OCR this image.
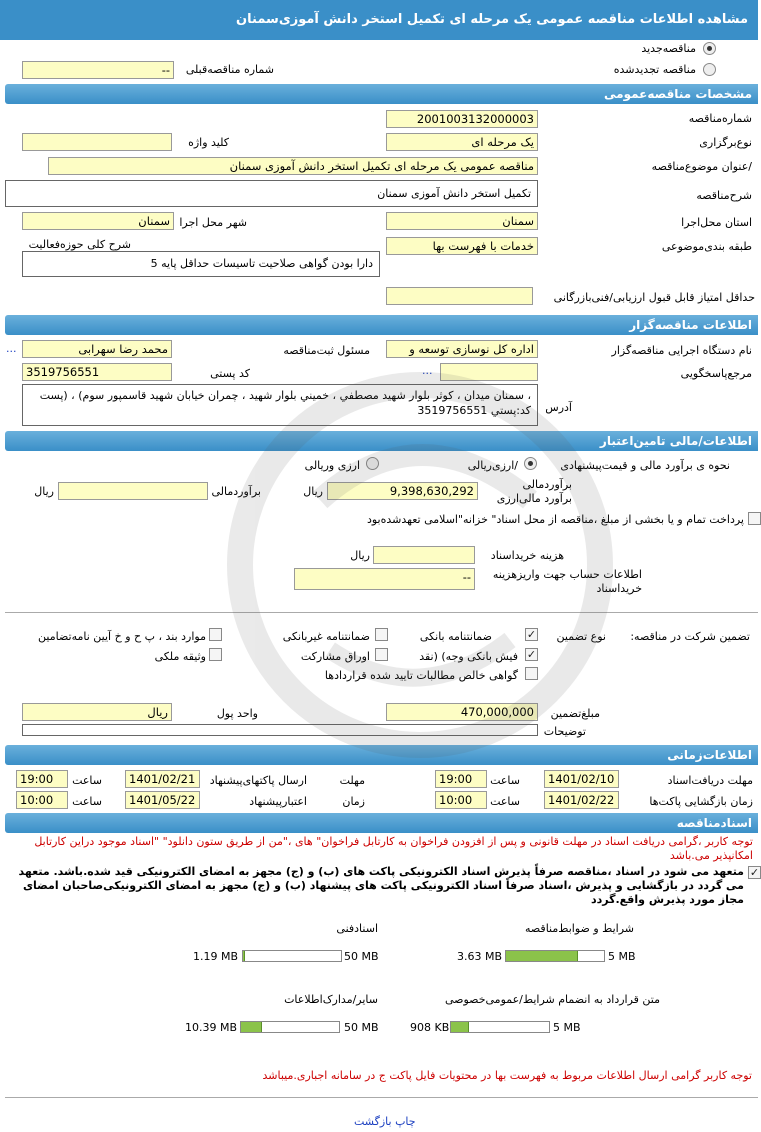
مشاهده اطلاعات مناقصه عمومی یک مرحله ای تکمیل استخر دانش آموزی‌سمنان
مناقصه‌جدید
مناقصه تجدیدشده
شماره مناقصه‌قبلی
--
مشخصات مناقصه‌عمومی
شماره‌مناقصه
2001003132000003
نوع‌برگزاری
یک مرحله ای
کلید واژه
/عنوان موضوع‌مناقصه
مناقصه عمومی یک مرحله ای تکمیل استخر دانش آموزی سمنان
شرح‌مناقصه
تکمیل استخر دانش آموزی سمنان
استان محل‌اجرا
سمنان
شهر محل اجرا
سمنان
طبقه بندی‌موضوعی
خدمات با فهرست بها
شرح کلی حوزه‌فعالیت
دارا بودن گواهی صلاحیت تاسیسات حداقل پایه 5
حداقل امتیاز قابل قبول ارزیابی/فنی‌بازرگانی
اطلاعات مناقصه‌گزار
نام دستگاه اجرایی مناقصه‌گزار
اداره کل نوسازی توسعه و
مسئول ثبت‌مناقصه
محمد رضا سهرابی
...
مرجع‌پاسخگویی
...
کد پستی
3519756551
آدرس
، سمنان میدان ، کوثر بلوار شهید مصطفي ، خميني بلوار شهيد ، چمران خيابان شهيد قاسمپور سوم) ، (پست کد:پستي 3519756551
اطلاعات/مالی تامین‌اعتبار
نحوه ی برآورد مالی و قیمت‌پیشنهادی
/ارزی‌ریالی
ارزی وریالی
برآوردمالی
برآورد مالی‌ارزی
9,398,630,292
ریال
برآوردمالی
ریال
پرداخت تمام و یا بخشی از مبلغ ،مناقصه از محل اسناد" خزانه"اسلامی تعهد‌شده‌بود
هزینه خریداسناد
ریال
اطلاعات حساب جهت واریزهزینه خریداسناد
--
تضمین شرکت در مناقصه:
نوع تضمین
✓
ضمانتنامه بانکی
ضمانتنامه غیربانکی
موارد بند ، پ ح و خ آیین نامه‌تضامین
✓
فیش بانکی وجه) (نقد
اوراق مشارکت
وثیقه ملکی
گواهی خالص مطالبات تایید شده قراردادها
مبلغ‌تضمین
470,000,000
واحد پول
ریال
توضیحات
اطلاعات‌زمانی
مهلت دریافت‌اسناد
1401/02/10
ساعت
19:00
مهلت
ارسال پاکتهای‌پیشنهاد
1401/02/21
ساعت
19:00
زمان بازگشایی پاکت‌ها
1401/02/22
ساعت
10:00
زمان
اعتبارپیشنهاد
1401/05/22
ساعت
10:00
اسنادمناقصه
توجه کاربر ،گرامی دریافت اسناد در مهلت قانونی و پس از افزودن فراخوان به کارتابل فراخوان" های ،"من از طریق ستون دانلود" "اسناد موجود دراین کارتابل امکانپذیر می.باشد
✓
متعهد می شود در اسناد ،مناقصه صرفاً پذیرش اسناد الکترونیکی پاکت های (ب) و (ج) مجهز به امضای الکترونیکی قید شده.باشد. متعهد می گردد در بازگشایی و پذیرش ،اسناد صرفاً اسناد الکترونیکی پاکت های پیشنهاد (ب) و (ج) مجهز به امضای الکترونیکی‌صاحبان امضای مجاز مورد پذیرش واقع.گردد
شرایط و ضوابط‌مناقصه
اسنادفنی
متن قرارداد به انضمام شرایط/عمومی‌خصوصی
سایر/مدارک‌اطلاعات
5 MB
3.63 MB
50 MB
1.19 MB
5 MB
908 KB
50 MB
10.39 MB
توجه کاربر گرامی ارسال اطلاعات مربوط به فهرست بها در محتويات فايل پاکت ج در سامانه اجباری.ميباشد
چاپ بازگشت
